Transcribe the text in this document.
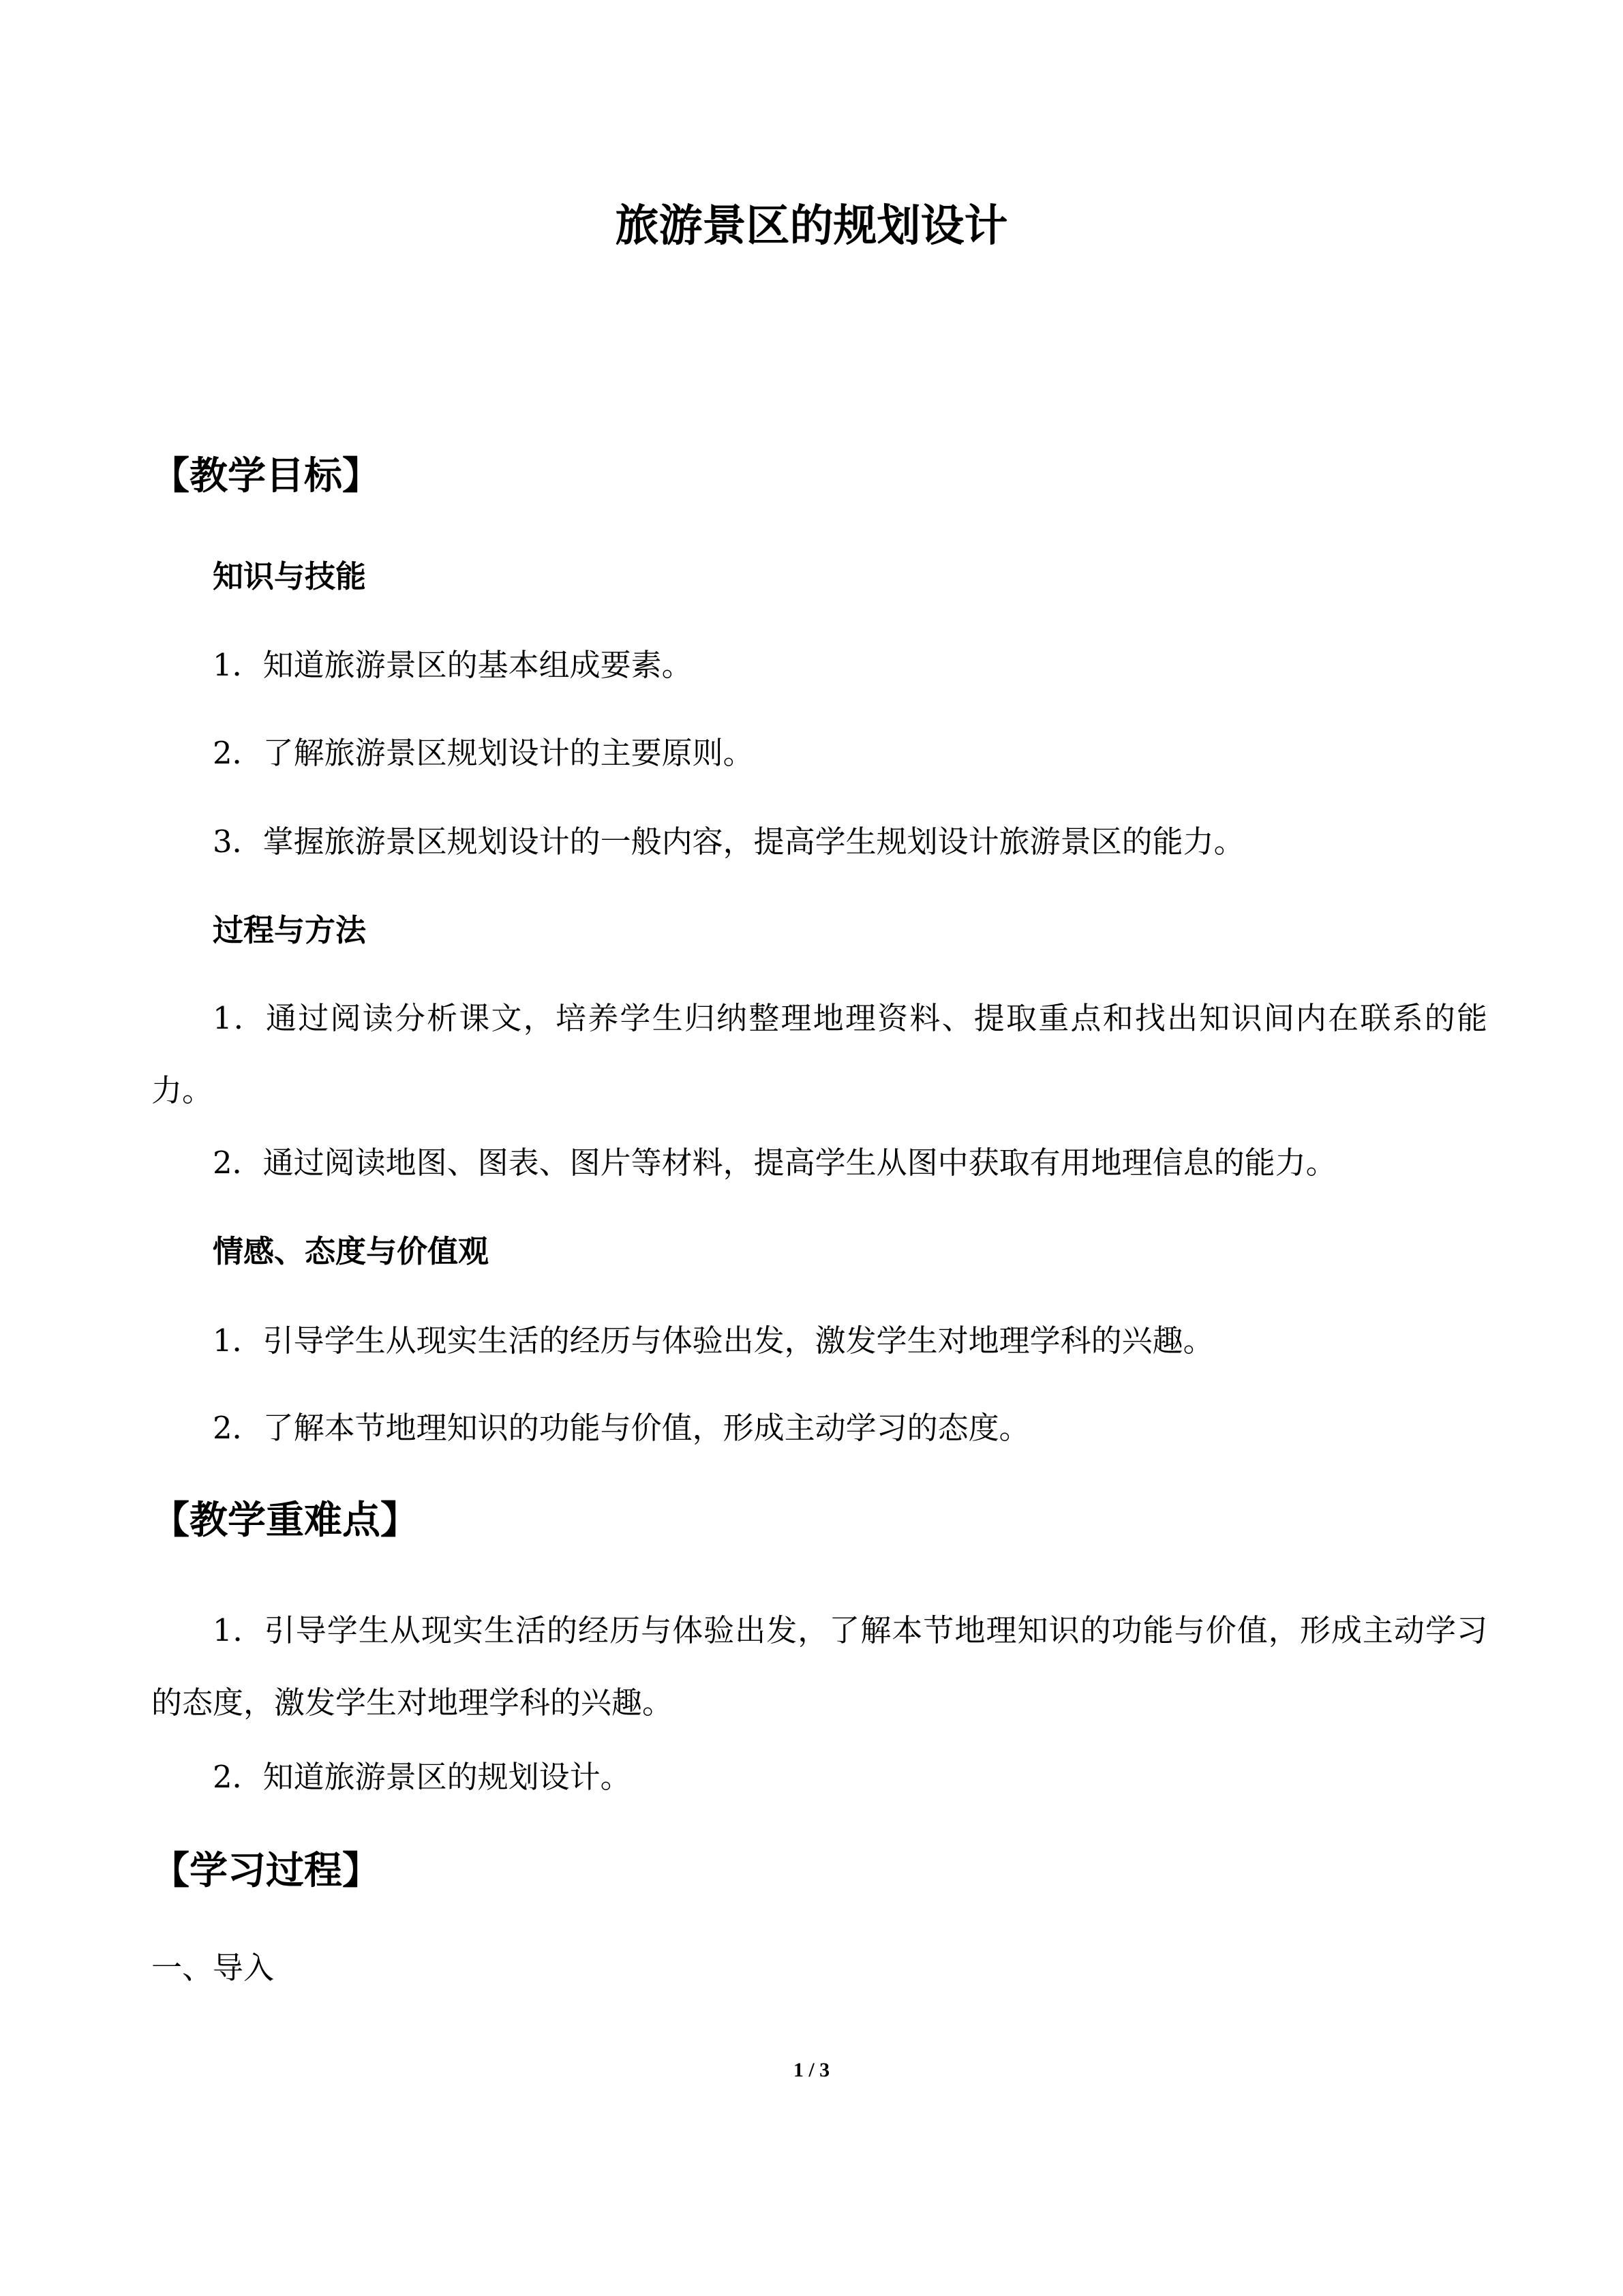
旅游景区的规划设计
【教学目标】
知识与技能

1．知道旅游景区的基本组成要素。

2．了解旅游景区规划设计的主要原则。

3．掌握旅游景区规划设计的一般内容，提高学生规划设计旅游景区的能力。

过程与方法

1．通过阅读分析课文，培养学生归纳整理地理资料、提取重点和找出知识间内在联系的能力。

2．通过阅读地图、图表、图片等材料，提高学生从图中获取有用地理信息的能力。

情感、态度与价值观

1．引导学生从现实生活的经历与体验出发，激发学生对地理学科的兴趣。

2．了解本节地理知识的功能与价值，形成主动学习的态度。

【教学重难点】

1．引导学生从现实生活的经历与体验出发，了解本节地理知识的功能与价值，形成主动学习的态度，激发学生对地理学科的兴趣。

2．知道旅游景区的规划设计。

【学习过程】

一、导入

1 / 3
